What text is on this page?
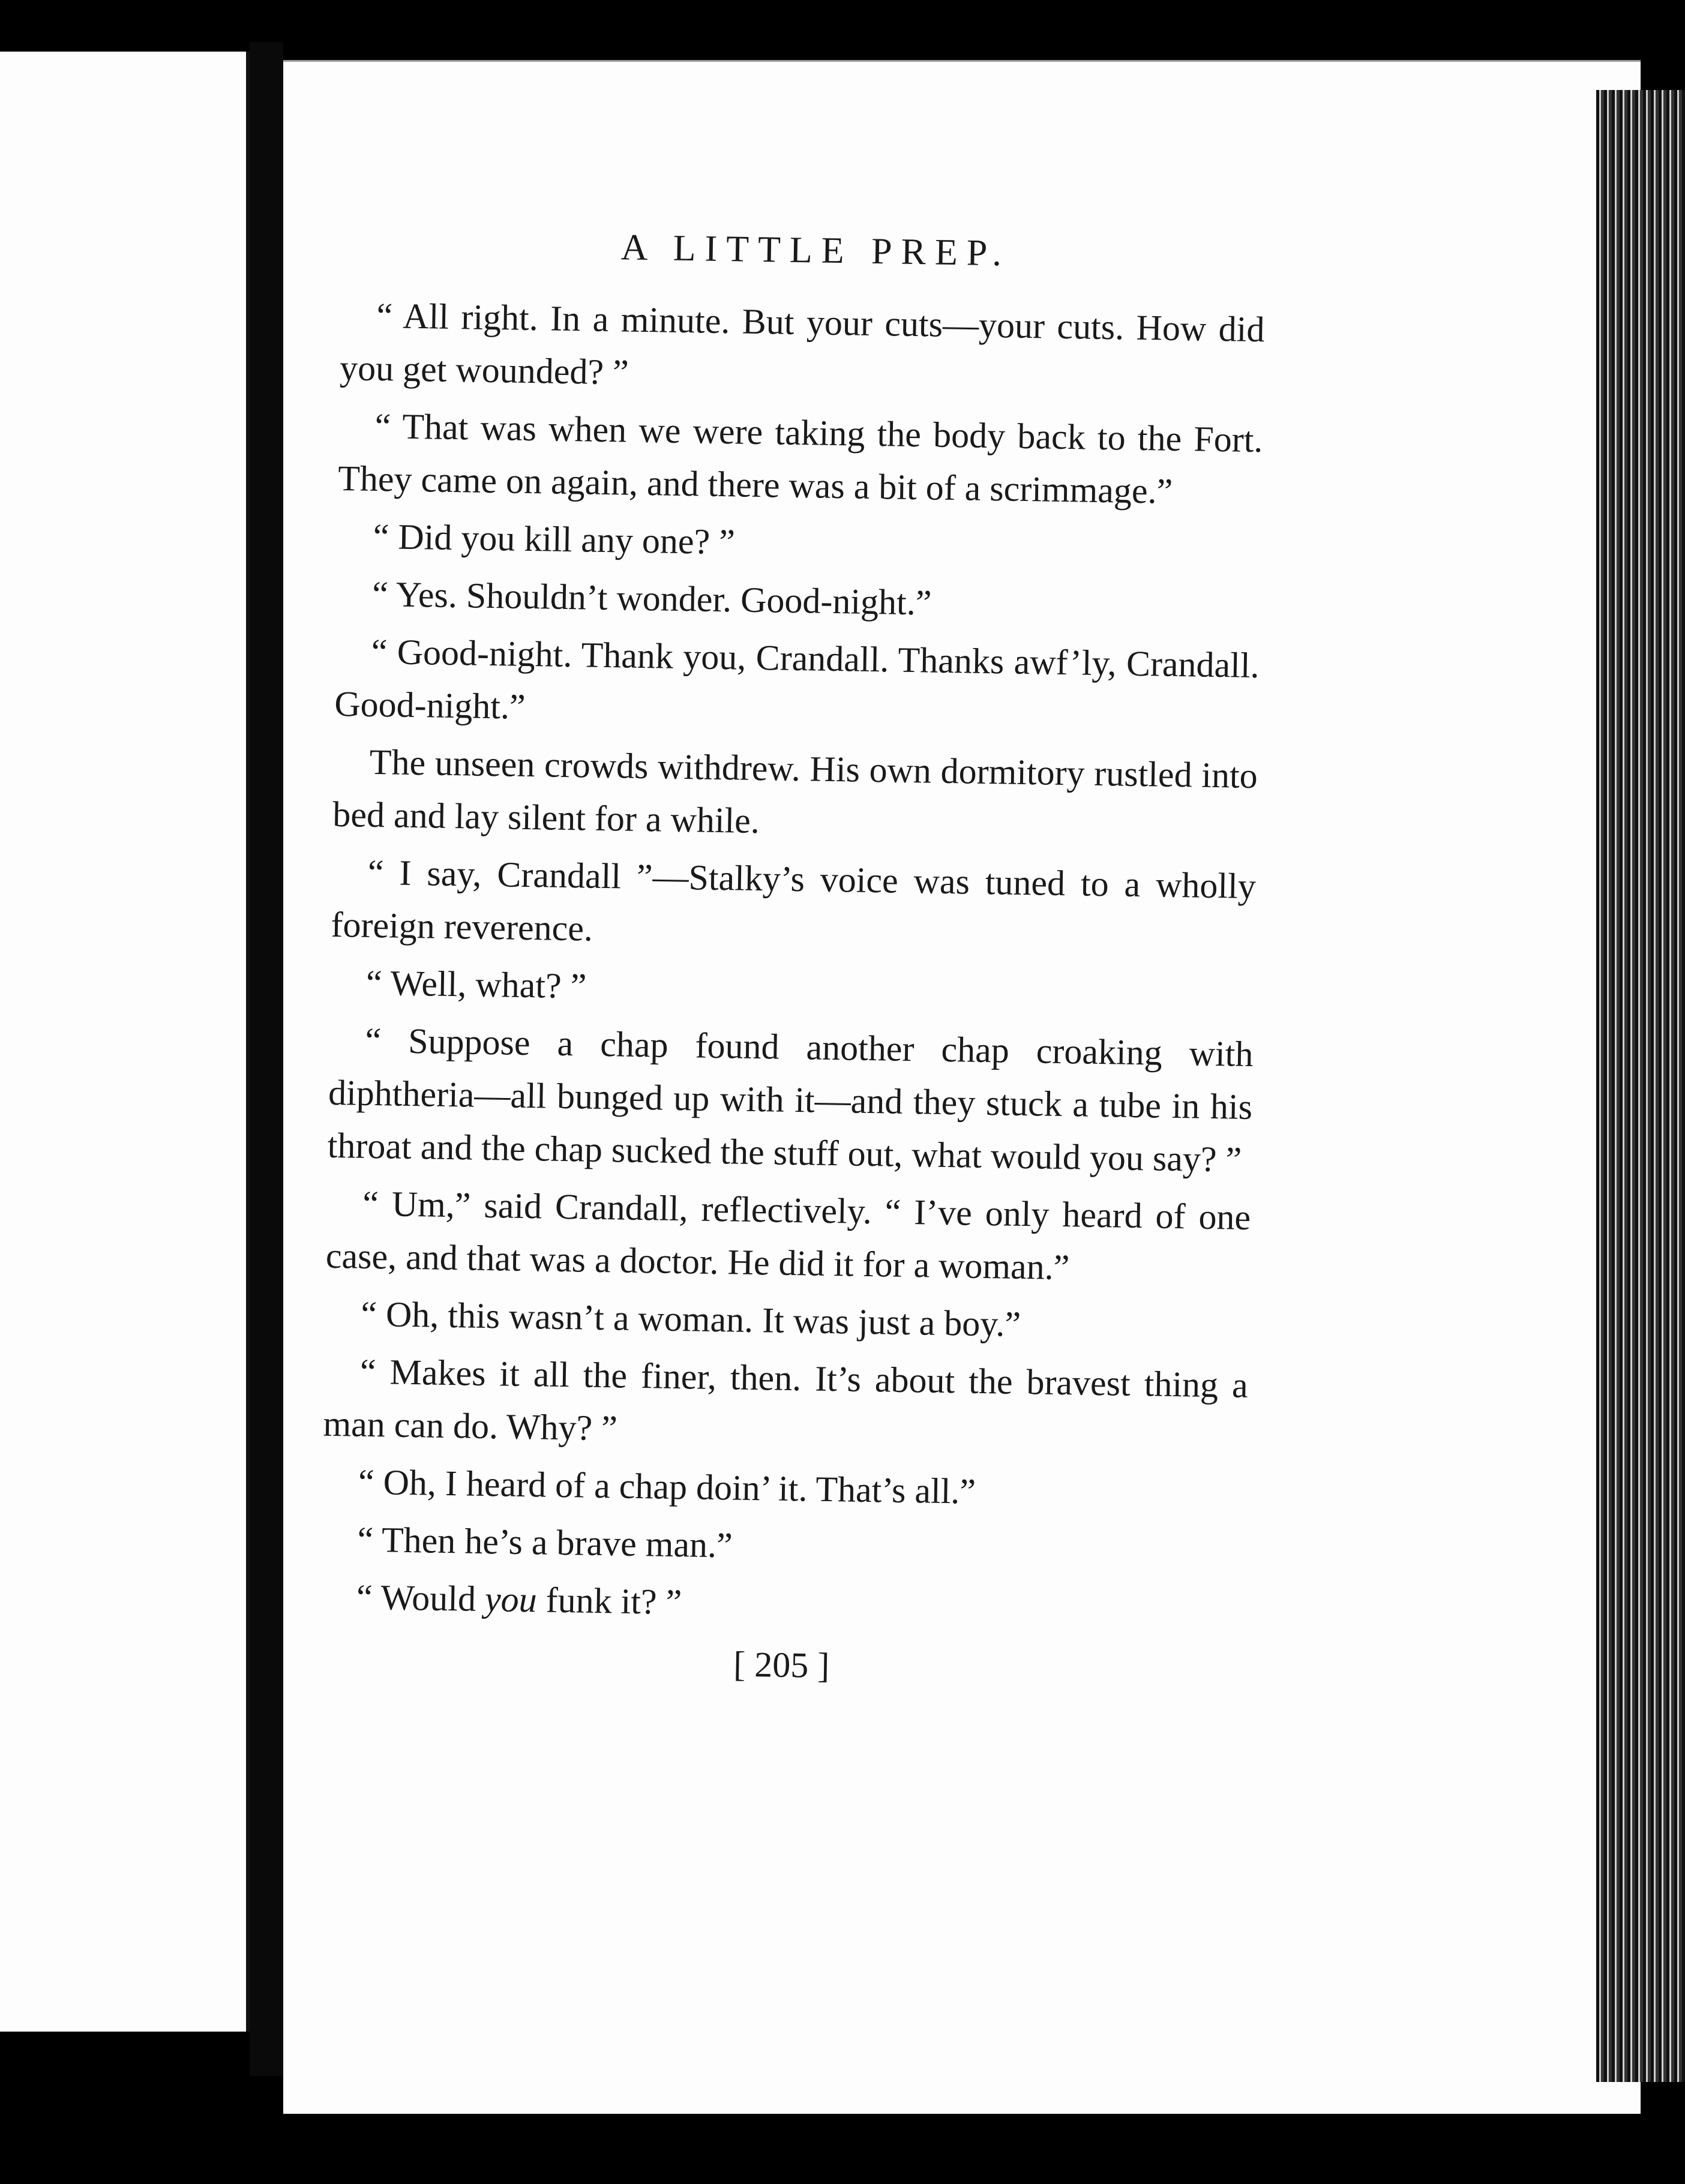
A LITTLE PREP.

“ All right. In a minute. But your cuts—your cuts. How did you get wounded? ”

“ That was when we were taking the body back to the Fort. They came on again, and there was a bit of a scrimmage.”

“ Did you kill any one? ”

“ Yes. Shouldn’t wonder. Good-night.”

“ Good-night. Thank you, Crandall. Thanks awf’ly, Crandall. Good-night.”

The unseen crowds withdrew. His own dormitory rustled into bed and lay silent for a while.

“ I say, Crandall ”—Stalky’s voice was tuned to a wholly foreign reverence.

“ Well, what? ”

“ Suppose a chap found another chap croaking with diphtheria—all bunged up with it—and they stuck a tube in his throat and the chap sucked the stuff out, what would you say? ”

“ Um,” said Crandall, reflectively. “ I’ve only heard of one case, and that was a doctor. He did it for a woman.”

“ Oh, this wasn’t a woman. It was just a boy.”

“ Makes it all the finer, then. It’s about the bravest thing a man can do. Why? ”

“ Oh, I heard of a chap doin’ it. That’s all.”

“ Then he’s a brave man.”

“ Would you funk it? ”

[ 205 ]
